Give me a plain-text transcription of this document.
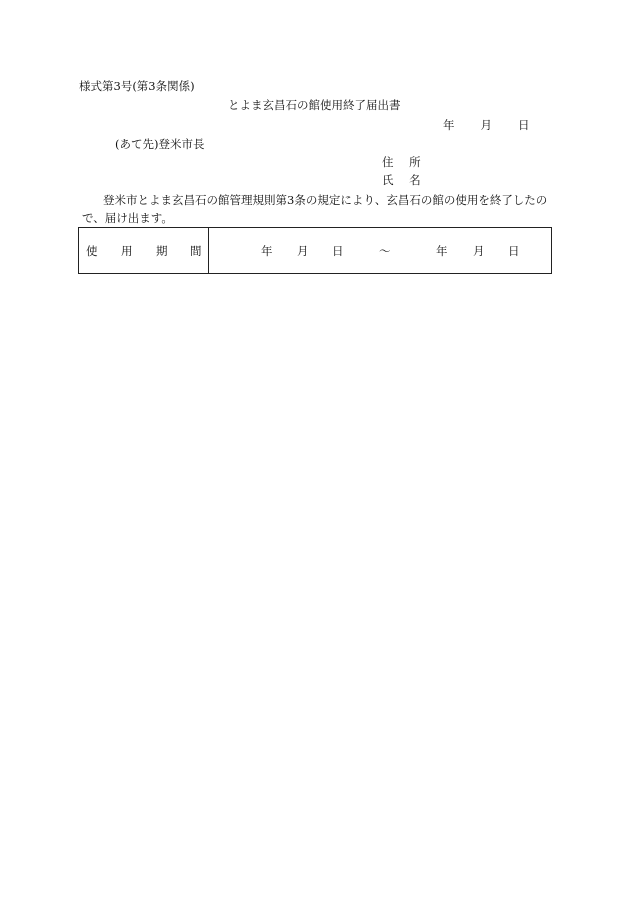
様式第3号(第3条関係)
とよま玄昌石の館使用終了届出書
年 月 日
(あて先)登米市長
住 所
氏 名
登米市とよま玄昌石の館管理規則第3条の規定により、玄昌石の館の使用を終了したの
で、届け出ます。
使 用 期 間	年 月 日	〜	年 月 日
